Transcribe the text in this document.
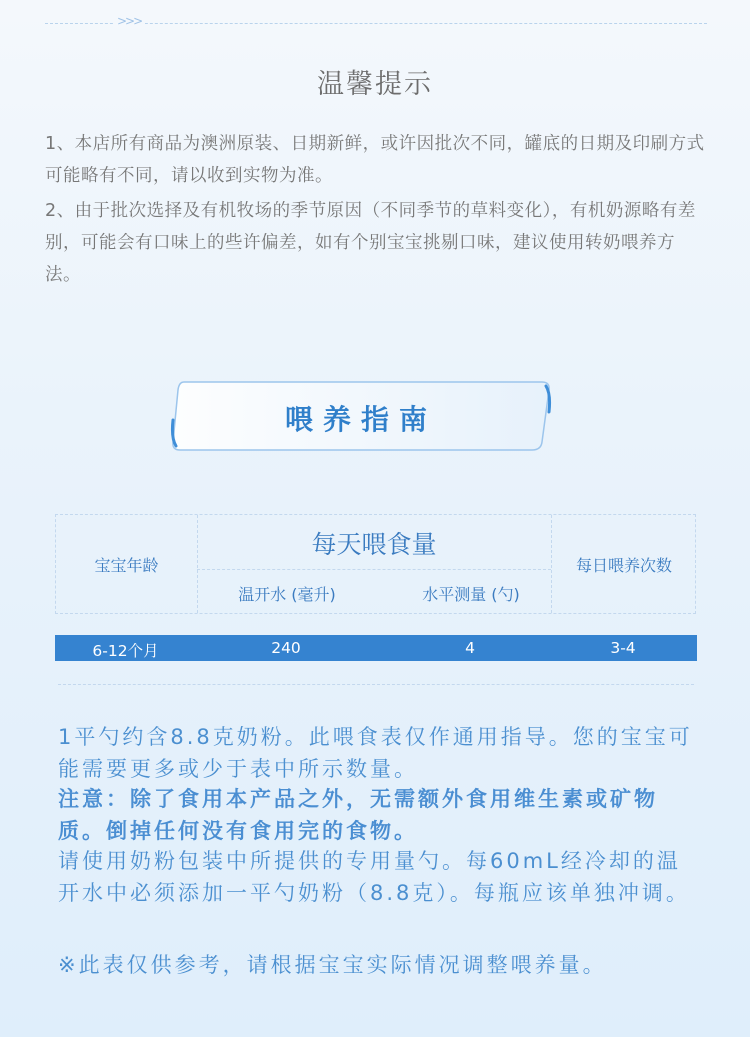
>>>
温馨提示
1、本店所有商品为澳洲原装、日期新鲜，或许因批次不同，罐底的日期及印刷方式可能略有不同，请以收到实物为准。
2、由于批次选择及有机牧场的季节原因（不同季节的草料变化），有机奶源略有差别，可能会有口味上的些许偏差，如有个别宝宝挑剔口味，建议使用转奶喂养方法。
喂养指南
宝宝年龄
每天喂食量
温开水 (毫升)	水平测量 (勺)
每日喂养次数
6-12个月	240	4	3-4
1平勺约含8.8克奶粉。此喂食表仅作通用指导。您的宝宝可能需要更多或少于表中所示数量。
注意：除了食用本产品之外，无需额外食用维生素或矿物质。倒掉任何没有食用完的食物。
请使用奶粉包装中所提供的专用量勺。每60mL经冷却的温开水中必须添加一平勺奶粉（8.8克）。每瓶应该单独冲调。
※此表仅供参考，请根据宝宝实际情况调整喂养量。
